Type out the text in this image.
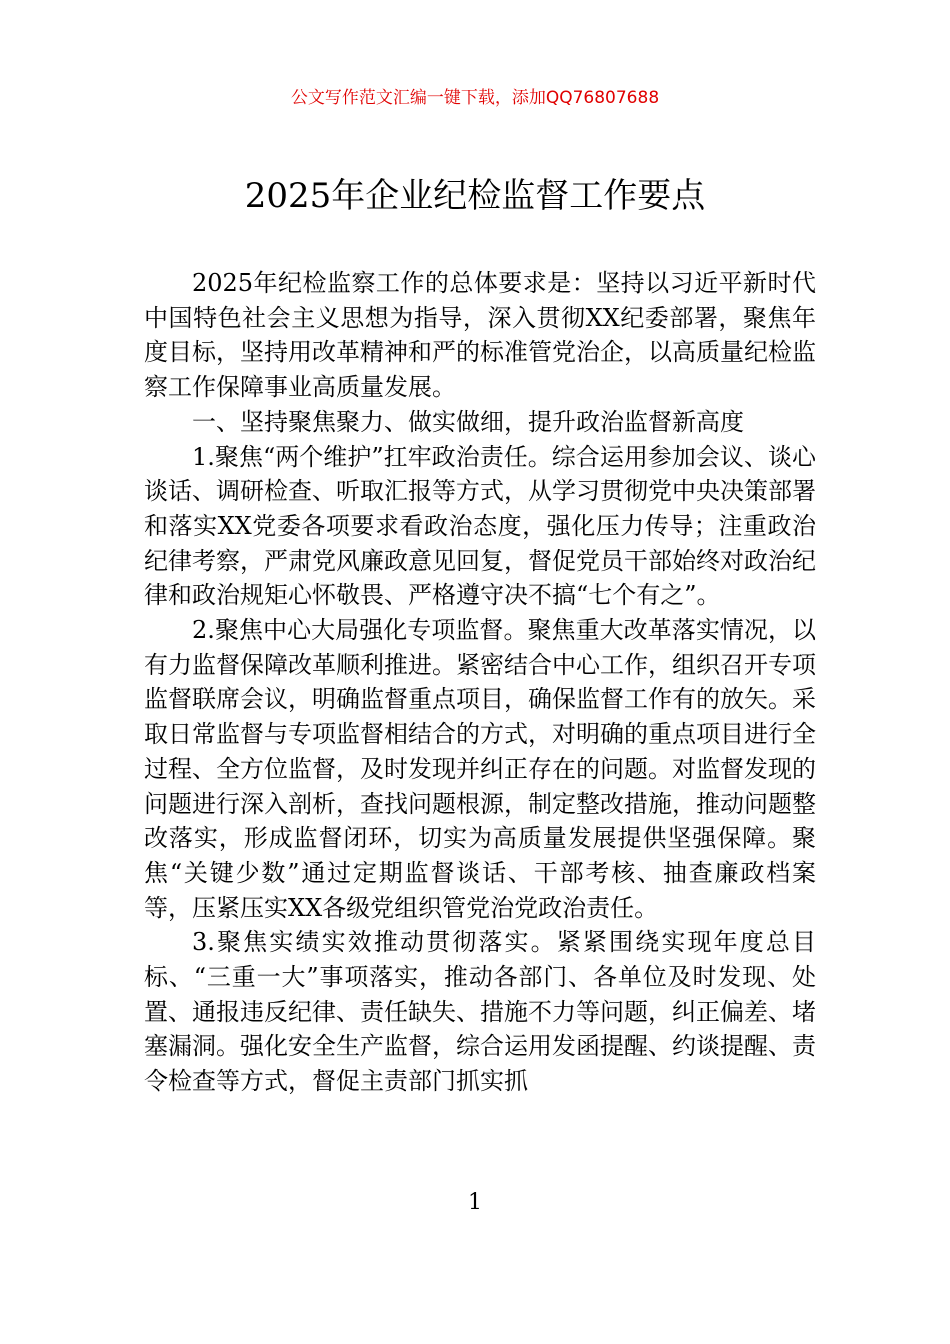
公文写作范文汇编一键下载，添加QQ76807688
2025年企业纪检监督工作要点

2025年纪检监察工作的总体要求是：坚持以习近平新时代中国特色社会主义思想为指导，深入贯彻XX纪委部署，聚焦年度目标，坚持用改革精神和严的标准管党治企，以高质量纪检监察工作保障事业高质量发展。

一、坚持聚焦聚力、做实做细，提升政治监督新高度

1.聚焦“两个维护”扛牢政治责任。综合运用参加会议、谈心谈话、调研检查、听取汇报等方式，从学习贯彻党中央决策部署和落实XX党委各项要求看政治态度，强化压力传导；注重政治纪律考察，严肃党风廉政意见回复，督促党员干部始终对政治纪律和政治规矩心怀敬畏、严格遵守决不搞“七个有之”。

2.聚焦中心大局强化专项监督。聚焦重大改革落实情况，以有力监督保障改革顺利推进。紧密结合中心工作，组织召开专项监督联席会议，明确监督重点项目，确保监督工作有的放矢。采取日常监督与专项监督相结合的方式，对明确的重点项目进行全过程、全方位监督，及时发现并纠正存在的问题。对监督发现的问题进行深入剖析，查找问题根源，制定整改措施，推动问题整改落实，形成监督闭环，切实为高质量发展提供坚强保障。聚焦“关键少数”通过定期监督谈话、干部考核、抽查廉政档案等，压紧压实XX各级党组织管党治党政治责任。

3.聚焦实绩实效推动贯彻落实。紧紧围绕实现年度总目标、“三重一大”事项落实，推动各部门、各单位及时发现、处置、通报违反纪律、责任缺失、措施不力等问题，纠正偏差、堵塞漏洞。强化安全生产监督，综合运用发函提醒、约谈提醒、责令检查等方式，督促主责部门抓实抓

1
